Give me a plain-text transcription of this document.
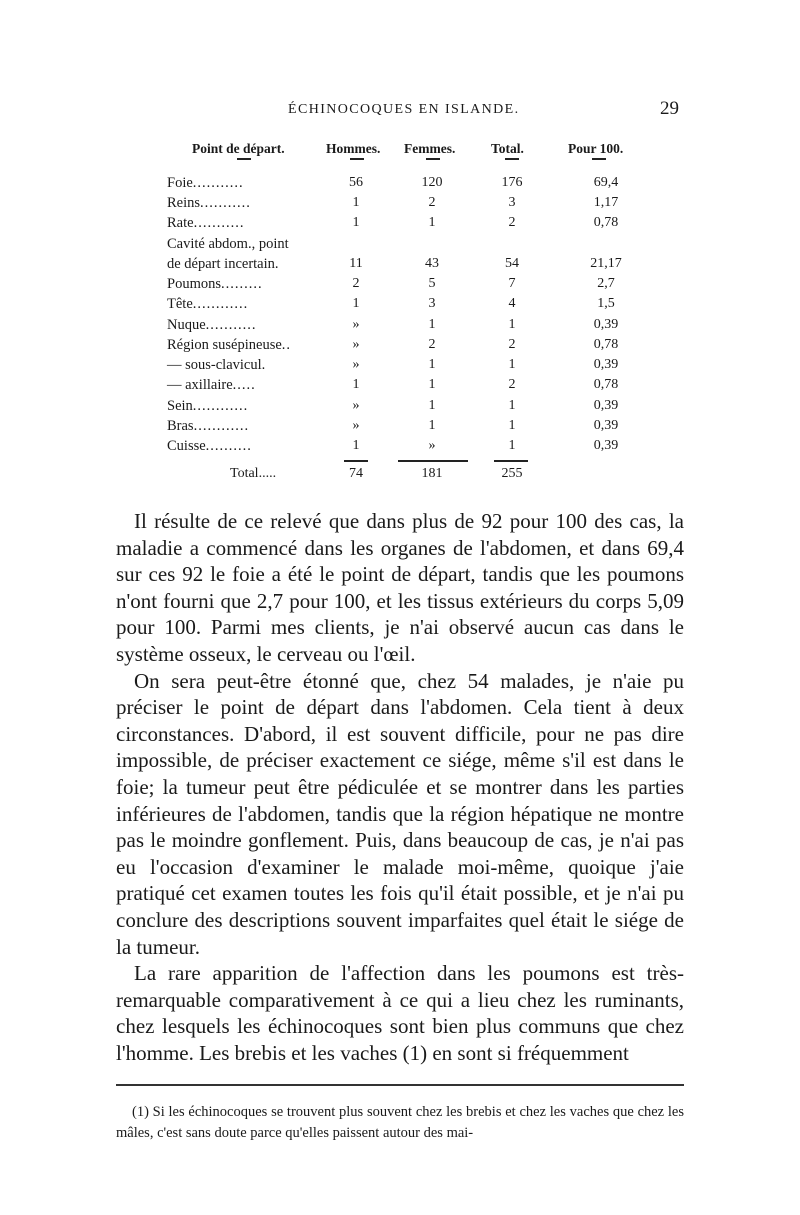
ÉCHINOCOQUES EN ISLANDE.	29
Point de départ.	Hommes. Femmes.	Total.	Pour 100.
Foie...........	56	120	176	69,4
Reins...........	1	2	3	1,17
Rate...........	1	1	2	0,78
Cavité abdom., point
de départ incertain.	11	43	54	21,17
Poumons.........	2	5	7	2,7
Tête............	1	3	4	1,5
Nuque...........	»	1	1	0,39
Région susépineuse..	»	2	2	0,78
— sous-clavicul.	»	1	1	0,39
— axillaire.....	1	1	2	0,78
Sein............	»	1	1	0,39
Bras............	»	1	1	0,39
Cuisse..........	1	»	1	0,39
Total.....	74	181	255

Il résulte de ce relevé que dans plus de 92 pour 100 des cas, la maladie a commencé dans les organes de l'abdomen, et dans 69,4 sur ces 92 le foie a été le point de départ, tandis que les poumons n'ont fourni que 2,7 pour 100, et les tissus extérieurs du corps 5,09 pour 100. Parmi mes clients, je n'ai observé aucun cas dans le système osseux, le cerveau ou l'œil.

On sera peut-être étonné que, chez 54 malades, je n'aie pu préciser le point de départ dans l'abdomen. Cela tient à deux circonstances. D'abord, il est souvent difficile, pour ne pas dire impossible, de préciser exactement ce siége, même s'il est dans le foie; la tumeur peut être pédiculée et se montrer dans les parties inférieures de l'abdomen, tandis que la région hépatique ne montre pas le moindre gonflement. Puis, dans beaucoup de cas, je n'ai pas eu l'occasion d'examiner le malade moi-même, quoique j'aie pratiqué cet examen toutes les fois qu'il était possible, et je n'ai pu conclure des descriptions souvent imparfaites quel était le siége de la tumeur.

La rare apparition de l'affection dans les poumons est très-remarquable comparativement à ce qui a lieu chez les ruminants, chez lesquels les échinocoques sont bien plus communs que chez l'homme. Les brebis et les vaches (1) en sont si fréquemment

(1) Si les échinocoques se trouvent plus souvent chez les brebis et chez les vaches que chez les mâles, c'est sans doute parce qu'elles paissent autour des mai-
